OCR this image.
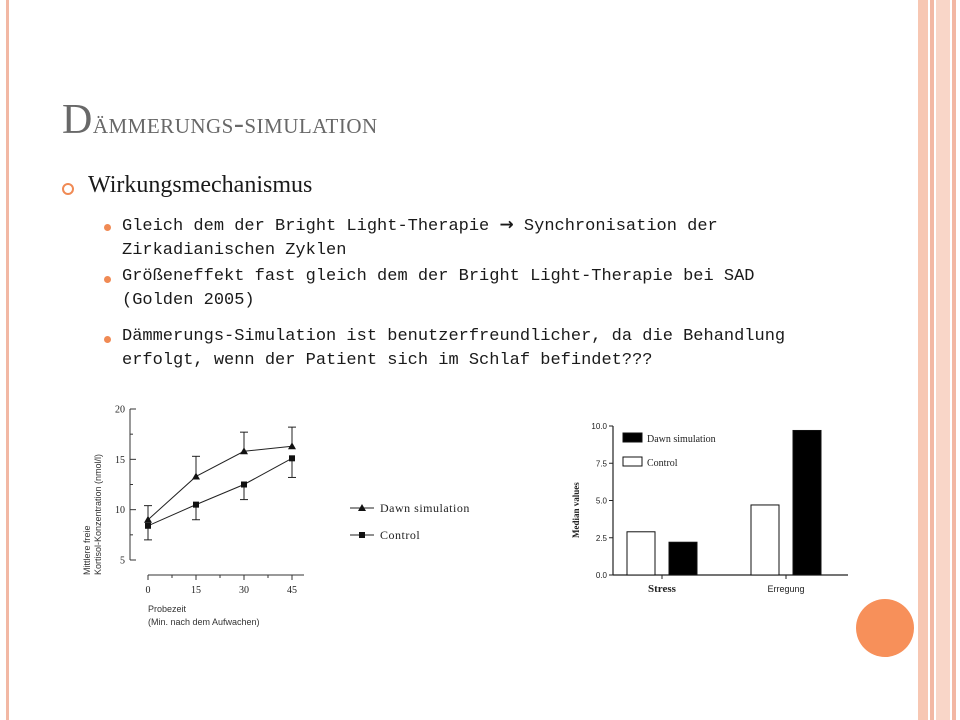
Dämmerungs-simulation
Wirkungsmechanismus
Gleich dem der Bright Light-Therapie → Synchronisation der
Zirkadianischen Zyklen
Größeneffekt fast gleich dem der Bright Light-Therapie bei SAD
(Golden 2005)
Dämmerungs-Simulation ist benutzerfreundlicher, da die Behandlung
erfolgt, wenn der Patient sich im Schlaf befindet???
5
10
15
20
0	15	30	45
Probezeit
(Min. nach dem Aufwachen)
Mittlere freie Kortisol-Konzentration (nmol/l)	Dawn simulation
Control
0.0
2.5
5.0
7.5
10.0
Median values
Stress	Erregung
Dawn simulation
Control
